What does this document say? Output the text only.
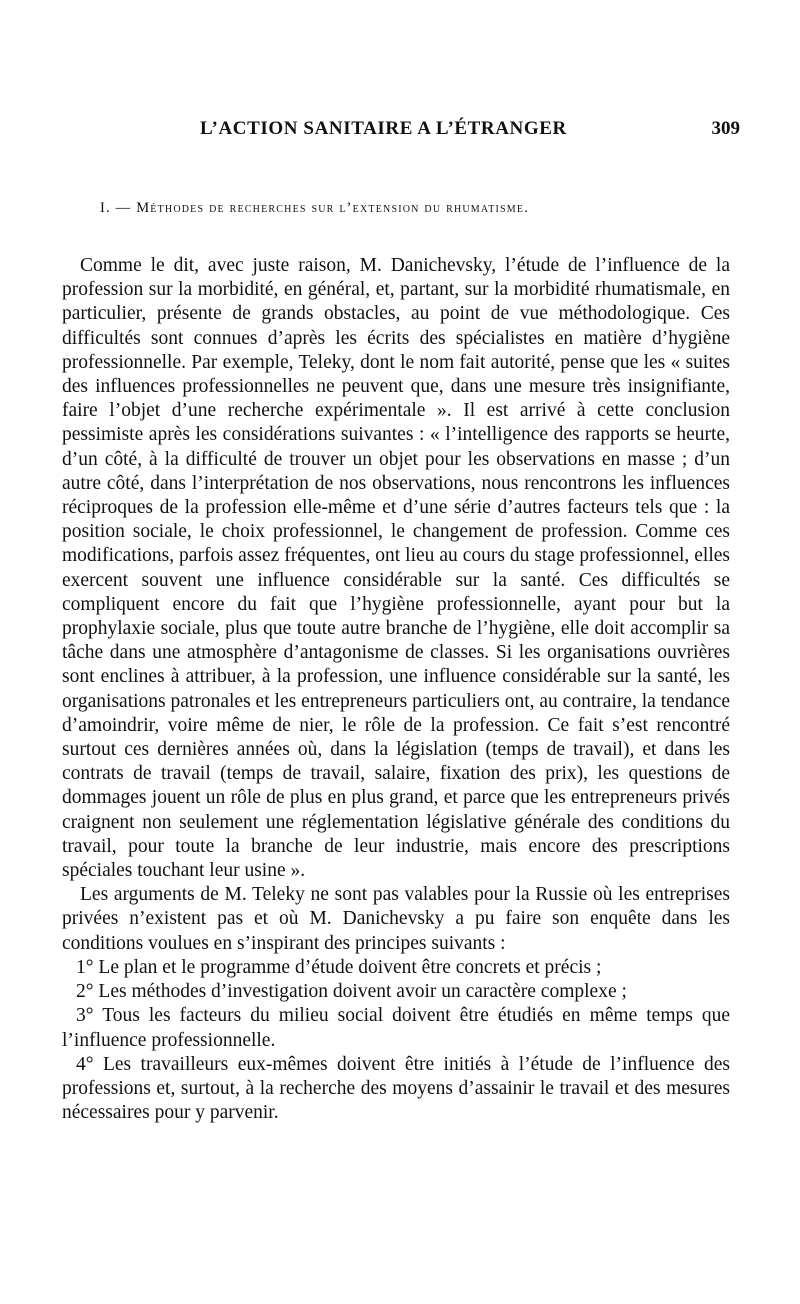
L’ACTION SANITAIRE A L’ÉTRANGER	309
I. — Méthodes de recherches sur l’extension du rhumatisme.

Comme le dit, avec juste raison, M. Danichevsky, l’étude de l’influence de la profession sur la morbidité, en général, et, partant, sur la morbidité rhumatismale, en particulier, présente de grands obstacles, au point de vue méthodologique. Ces difficultés sont connues d’après les écrits des spécialistes en matière d’hygiène professionnelle. Par exemple, Teleky, dont le nom fait autorité, pense que les « suites des influences professionnelles ne peuvent que, dans une mesure très insignifiante, faire l’objet d’une recherche expérimentale ». Il est arrivé à cette conclusion pessimiste après les considérations suivantes : « l’intelligence des rapports se heurte, d’un côté, à la difficulté de trouver un objet pour les observations en masse ; d’un autre côté, dans l’interprétation de nos observations, nous rencontrons les influences réciproques de la profession elle-même et d’une série d’autres facteurs tels que : la position sociale, le choix professionnel, le changement de profession. Comme ces modifications, parfois assez fréquentes, ont lieu au cours du stage professionnel, elles exercent souvent une influence considérable sur la santé. Ces difficultés se compliquent encore du fait que l’hygiène professionnelle, ayant pour but la prophylaxie sociale, plus que toute autre branche de l’hygiène, elle doit accomplir sa tâche dans une atmosphère d’antagonisme de classes. Si les organisations ouvrières sont enclines à attribuer, à la profession, une influence considérable sur la santé, les organisations patronales et les entrepreneurs particuliers ont, au contraire, la tendance d’amoindrir, voire même de nier, le rôle de la profession. Ce fait s’est rencontré surtout ces dernières années où, dans la législation (temps de travail), et dans les contrats de travail (temps de travail, salaire, fixation des prix), les questions de dommages jouent un rôle de plus en plus grand, et parce que les entrepreneurs privés craignent non seulement une réglementation législative générale des conditions du travail, pour toute la branche de leur industrie, mais encore des prescriptions spéciales touchant leur usine ».

Les arguments de M. Teleky ne sont pas valables pour la Russie où les entreprises privées n’existent pas et où M. Danichevsky a pu faire son enquête dans les conditions voulues en s’inspirant des principes suivants :

1° Le plan et le programme d’étude doivent être concrets et précis ;

2° Les méthodes d’investigation doivent avoir un caractère complexe ;

3° Tous les facteurs du milieu social doivent être étudiés en même temps que l’influence professionnelle.

4° Les travailleurs eux-mêmes doivent être initiés à l’étude de l’influence des professions et, surtout, à la recherche des moyens d’assainir le travail et des mesures nécessaires pour y parvenir.
